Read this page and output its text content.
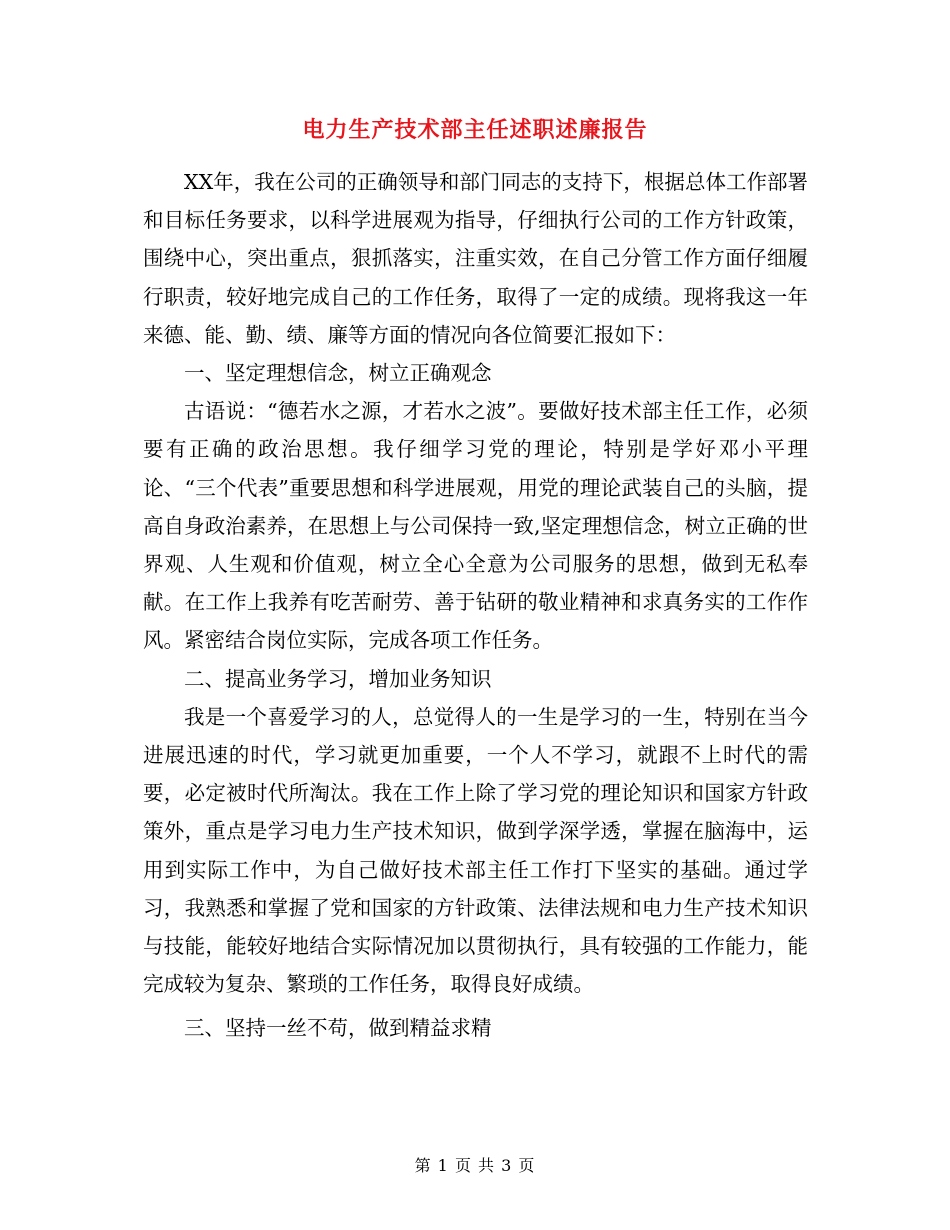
电力生产技术部主任述职述廉报告

XX年，我在公司的正确领导和部门同志的支持下，根据总体工作部署和目标任务要求，以科学进展观为指导，仔细执行公司的工作方针政策，围绕中心，突出重点，狠抓落实，注重实效，在自己分管工作方面仔细履行职责，较好地完成自己的工作任务，取得了一定的成绩。现将我这一年来德、能、勤、绩、廉等方面的情况向各位简要汇报如下：

一、坚定理想信念，树立正确观念

古语说：“德若水之源，才若水之波”。要做好技术部主任工作，必须要有正确的政治思想。我仔细学习党的理论，特别是学好邓小平理论、“三个代表”重要思想和科学进展观，用党的理论武装自己的头脑，提高自身政治素养，在思想上与公司保持一致,坚定理想信念，树立正确的世界观、人生观和价值观，树立全心全意为公司服务的思想，做到无私奉献。在工作上我养有吃苦耐劳、善于钻研的敬业精神和求真务实的工作作风。紧密结合岗位实际，完成各项工作任务。

二、提高业务学习，增加业务知识

我是一个喜爱学习的人，总觉得人的一生是学习的一生，特别在当今进展迅速的时代，学习就更加重要，一个人不学习，就跟不上时代的需要，必定被时代所淘汰。我在工作上除了学习党的理论知识和国家方针政策外，重点是学习电力生产技术知识，做到学深学透，掌握在脑海中，运用到实际工作中，为自己做好技术部主任工作打下坚实的基础。通过学习，我熟悉和掌握了党和国家的方针政策、法律法规和电力生产技术知识与技能，能较好地结合实际情况加以贯彻执行，具有较强的工作能力，能完成较为复杂、繁琐的工作任务，取得良好成绩。

三、坚持一丝不苟，做到精益求精

第 1 页 共 3 页
